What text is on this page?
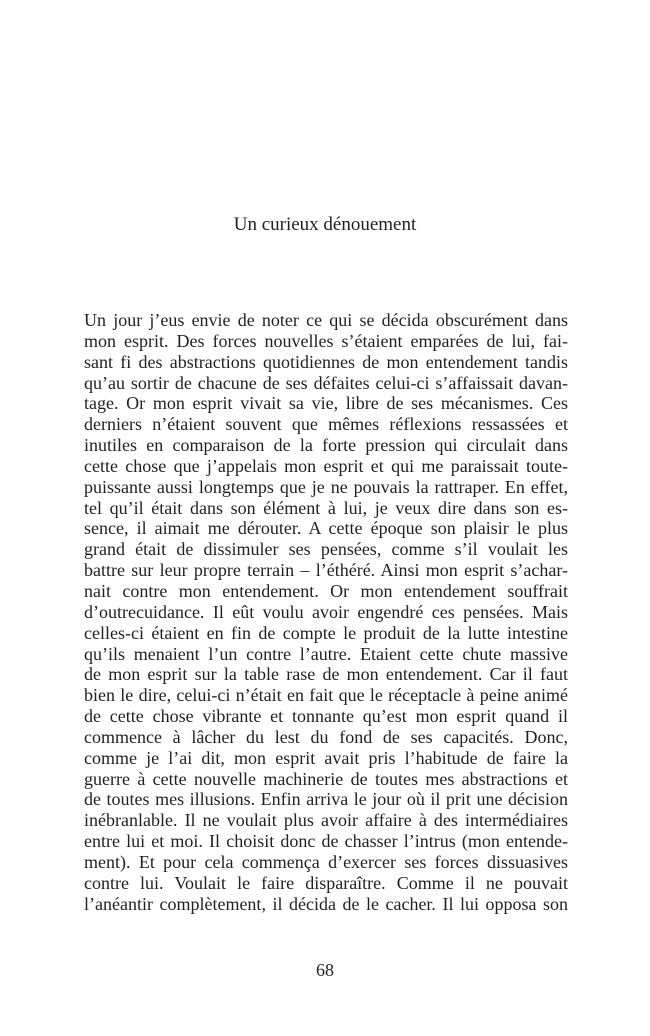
Un curieux dénouement
Un jour j’eus envie de noter ce qui se décida obscurément dans
mon esprit. Des forces nouvelles s’étaient emparées de lui, fai-
sant fi des abstractions quotidiennes de mon entendement tandis
qu’au sortir de chacune de ses défaites celui-ci s’affaissait davan-
tage. Or mon esprit vivait sa vie, libre de ses mécanismes. Ces
derniers n’étaient souvent que mêmes réflexions ressassées et
inutiles en comparaison de la forte pression qui circulait dans
cette chose que j’appelais mon esprit et qui me paraissait toute-
puissante aussi longtemps que je ne pouvais la rattraper. En effet,
tel qu’il était dans son élément à lui, je veux dire dans son es-
sence, il aimait me dérouter. A cette époque son plaisir le plus
grand était de dissimuler ses pensées, comme s’il voulait les
battre sur leur propre terrain – l’éthéré. Ainsi mon esprit s’achar-
nait contre mon entendement. Or mon entendement souffrait
d’outrecuidance. Il eût voulu avoir engendré ces pensées. Mais
celles-ci étaient en fin de compte le produit de la lutte intestine
qu’ils menaient l’un contre l’autre. Etaient cette chute massive
de mon esprit sur la table rase de mon entendement. Car il faut
bien le dire, celui-ci n’était en fait que le réceptacle à peine animé
de cette chose vibrante et tonnante qu’est mon esprit quand il
commence à lâcher du lest du fond de ses capacités. Donc,
comme je l’ai dit, mon esprit avait pris l’habitude de faire la
guerre à cette nouvelle machinerie de toutes mes abstractions et
de toutes mes illusions. Enfin arriva le jour où il prit une décision
inébranlable. Il ne voulait plus avoir affaire à des intermédiaires
entre lui et moi. Il choisit donc de chasser l’intrus (mon entende-
ment). Et pour cela commença d’exercer ses forces dissuasives
contre lui. Voulait le faire disparaître. Comme il ne pouvait
l’anéantir complètement, il décida de le cacher. Il lui opposa son
68
